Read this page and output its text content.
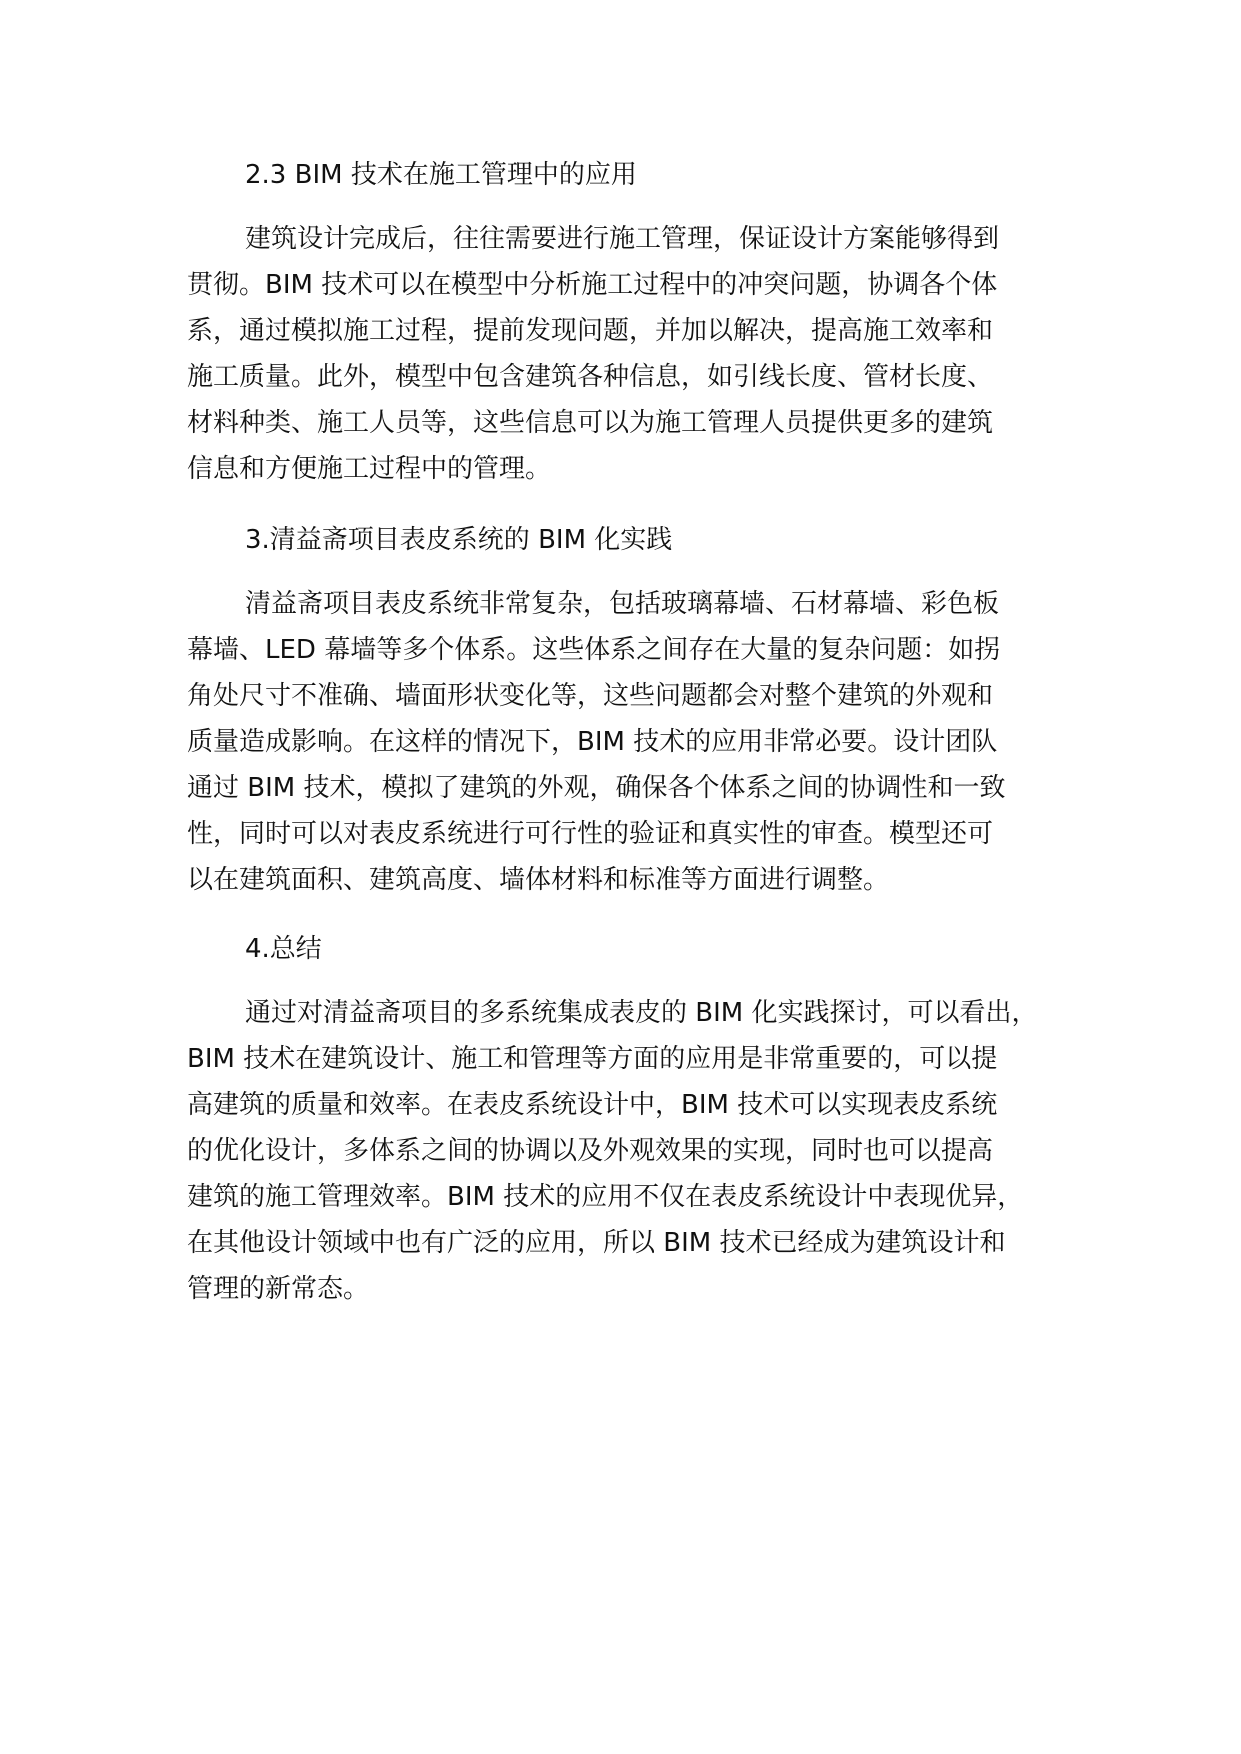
2.3 BIM 技术在施工管理中的应用
建筑设计完成后，往往需要进行施工管理，保证设计方案能够得到
贯彻。BIM 技术可以在模型中分析施工过程中的冲突问题，协调各个体
系，通过模拟施工过程，提前发现问题，并加以解决，提高施工效率和
施工质量。此外，模型中包含建筑各种信息，如引线长度、管材长度、
材料种类、施工人员等，这些信息可以为施工管理人员提供更多的建筑
信息和方便施工过程中的管理。
3.清益斋项目表皮系统的 BIM 化实践
清益斋项目表皮系统非常复杂，包括玻璃幕墙、石材幕墙、彩色板
幕墙、LED 幕墙等多个体系。这些体系之间存在大量的复杂问题：如拐
角处尺寸不准确、墙面形状变化等，这些问题都会对整个建筑的外观和
质量造成影响。在这样的情况下，BIM 技术的应用非常必要。设计团队
通过 BIM 技术，模拟了建筑的外观，确保各个体系之间的协调性和一致
性，同时可以对表皮系统进行可行性的验证和真实性的审查。模型还可
以在建筑面积、建筑高度、墙体材料和标准等方面进行调整。
4.总结
通过对清益斋项目的多系统集成表皮的 BIM 化实践探讨，可以看出，
BIM 技术在建筑设计、施工和管理等方面的应用是非常重要的，可以提
高建筑的质量和效率。在表皮系统设计中，BIM 技术可以实现表皮系统
的优化设计，多体系之间的协调以及外观效果的实现，同时也可以提高
建筑的施工管理效率。BIM 技术的应用不仅在表皮系统设计中表现优异，
在其他设计领域中也有广泛的应用，所以 BIM 技术已经成为建筑设计和
管理的新常态。
